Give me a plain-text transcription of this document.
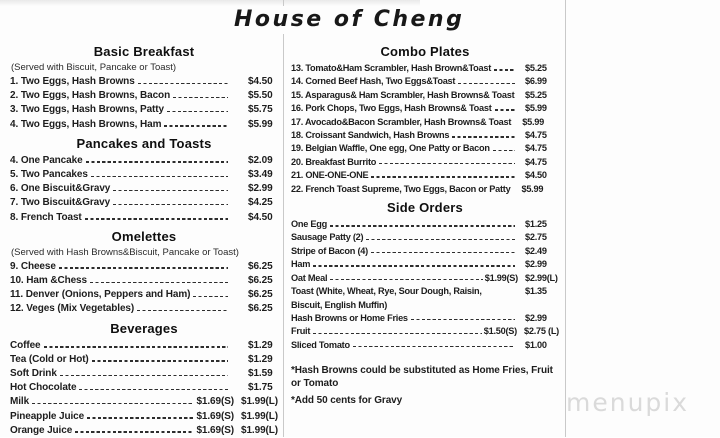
House of Cheng
Basic Breakfast
(Served with Biscuit, Pancake or Toast)
1. Two Eggs, Hash Browns	$4.50
2. Two Eggs, Hash Browns, Bacon	$5.50
3. Two Eggs, Hash Browns, Patty	$5.75
4. Two Eggs, Hash Browns, Ham	$5.99
Pancakes and Toasts
4. One Pancake	$2.09
5. Two Pancakes	$3.49
6. One Biscuit&Gravy	$2.99
7. Two Biscuit&Gravy	$4.25
8. French Toast	$4.50
Omelettes
(Served with Hash Browns&Biscuit, Pancake or Toast)
9. Cheese	$6.25
10. Ham &Chess	$6.25
11. Denver (Onions, Peppers and Ham)	$6.25
12. Veges (Mix Vegetables)	$6.25
Beverages
Coffee	$1.29
Tea (Cold or Hot)	$1.29
Soft Drink	$1.59
Hot Chocolate	$1.75
Milk	$1.69(S) $1.99(L)
Pineapple Juice	$1.69(S) $1.99(L)
Orange Juice	$1.69(S) $1.99(L)
Combo Plates
13. Tomato&Ham Scrambler, Hash Brown&Toast	$5.25
14. Corned Beef Hash, Two Eggs&Toast	$6.99
15. Asparagus& Ham Scrambler, Hash Browns& Toast $5.25
16. Pork Chops, Two Eggs, Hash Browns& Toast	$5.99
17. Avocado&Bacon Scrambler, Hash Browns& Toast $5.99
18. Croissant Sandwich, Hash Browns	$4.75
19. Belgian Waffle, One egg, One Patty or Bacon	$4.75
20. Breakfast Burrito	$4.75
21. ONE-ONE-ONE	$4.50
22. French Toast Supreme, Two Eggs, Bacon or Patty $5.99
Side Orders
One Egg	$1.25
Sausage Patty (2)	$2.75
Stripe of Bacon (4)	$2.49
Ham	$2.99
Oat Meal	$1.99(S) $2.99(L)
Toast (White, Wheat, Rye, Sour Dough, Raisin, Biscuit, English Muffin)
$1.35
Hash Browns or Home Fries	$2.99
Fruit	$1.50(S) $2.75 (L)
Sliced Tomato	$1.00
*Hash Browns could be substituted as Home Fries, Fruit or Tomato
*Add 50 cents for Gravy	menupix
